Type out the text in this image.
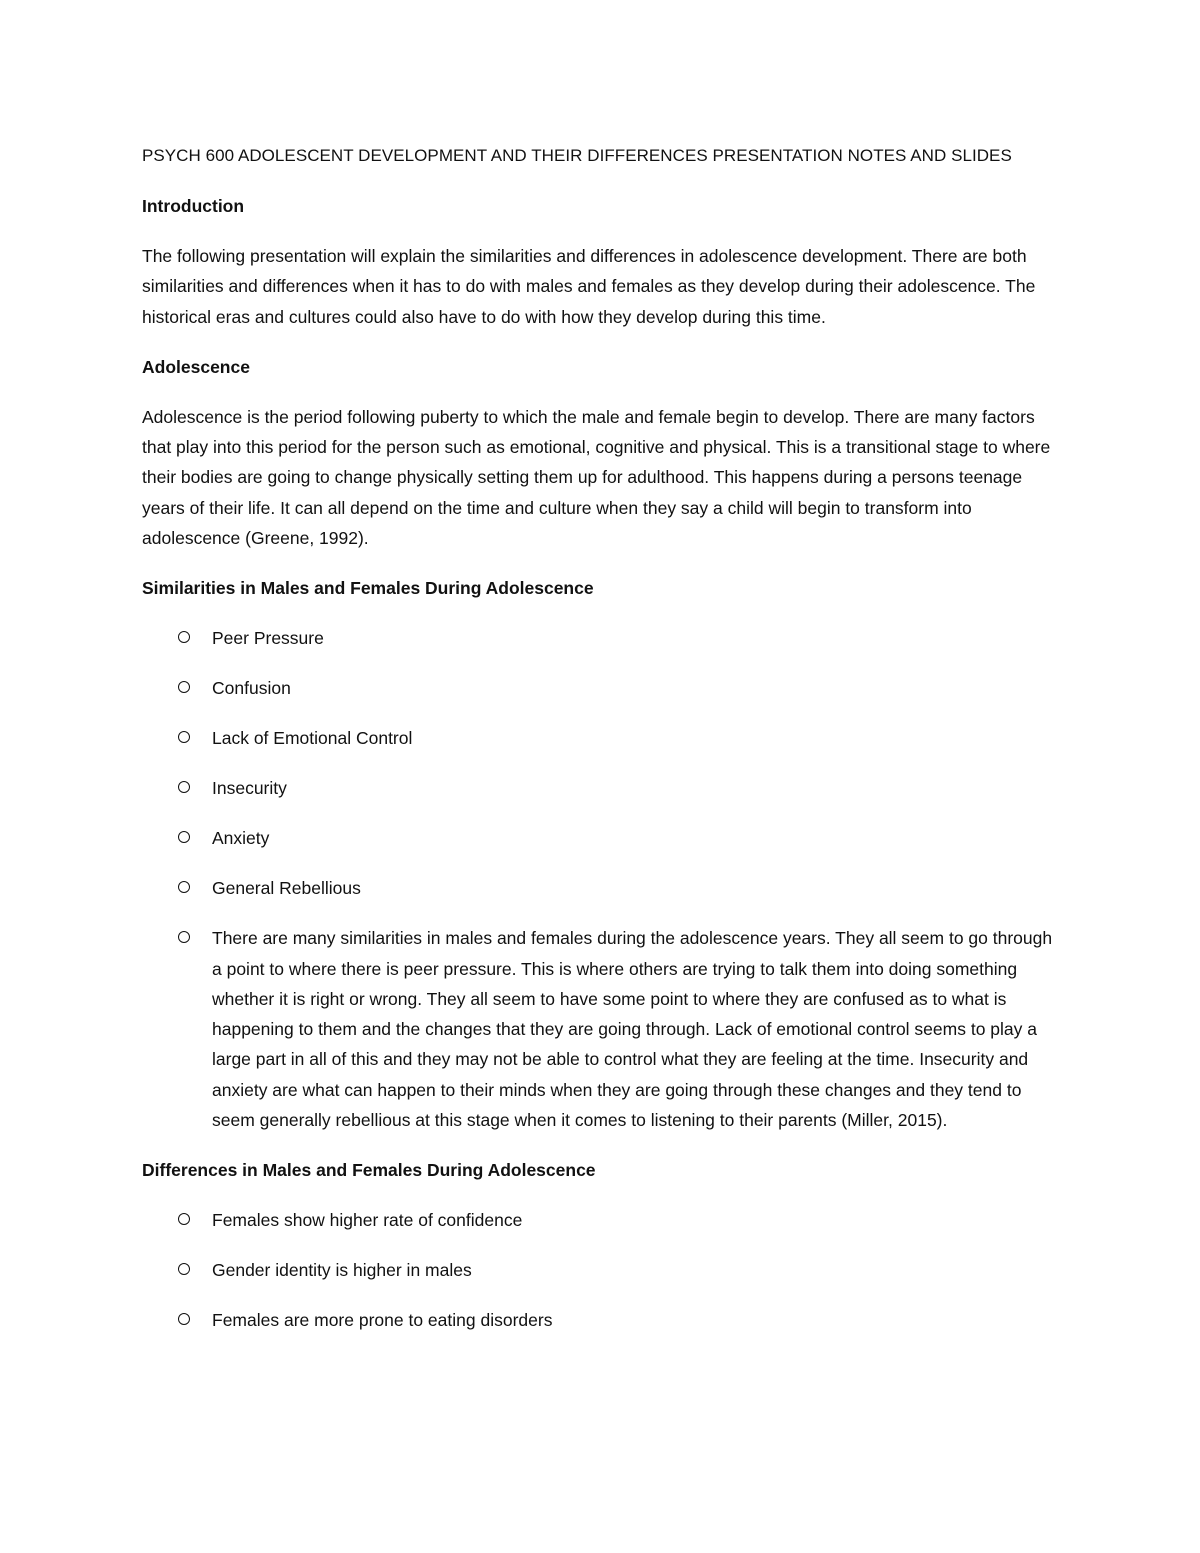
PSYCH 600 ADOLESCENT DEVELOPMENT AND THEIR DIFFERENCES PRESENTATION NOTES AND SLIDES

Introduction

The following presentation will explain the similarities and differences in adolescence development. There are both similarities and differences when it has to do with males and females as they develop during their adolescence. The historical eras and cultures could also have to do with how they develop during this time.

Adolescence

Adolescence is the period following puberty to which the male and female begin to develop. There are many factors that play into this period for the person such as emotional, cognitive and physical. This is a transitional stage to where their bodies are going to change physically setting them up for adulthood. This happens during a persons teenage years of their life. It can all depend on the time and culture when they say a child will begin to transform into adolescence (Greene, 1992).

Similarities in Males and Females During Adolescence

Peer Pressure
Confusion
Lack of Emotional Control
Insecurity
Anxiety
General Rebellious
There are many similarities in males and females during the adolescence years. They all seem to go through a point to where there is peer pressure. This is where others are trying to talk them into doing something whether it is right or wrong. They all seem to have some point to where they are confused as to what is happening to them and the changes that they are going through. Lack of emotional control seems to play a large part in all of this and they may not be able to control what they are feeling at the time. Insecurity and anxiety are what can happen to their minds when they are going through these changes and they tend to seem generally rebellious at this stage when it comes to listening to their parents (Miller, 2015).

Differences in Males and Females During Adolescence

Females show higher rate of confidence
Gender identity is higher in males
Females are more prone to eating disorders
